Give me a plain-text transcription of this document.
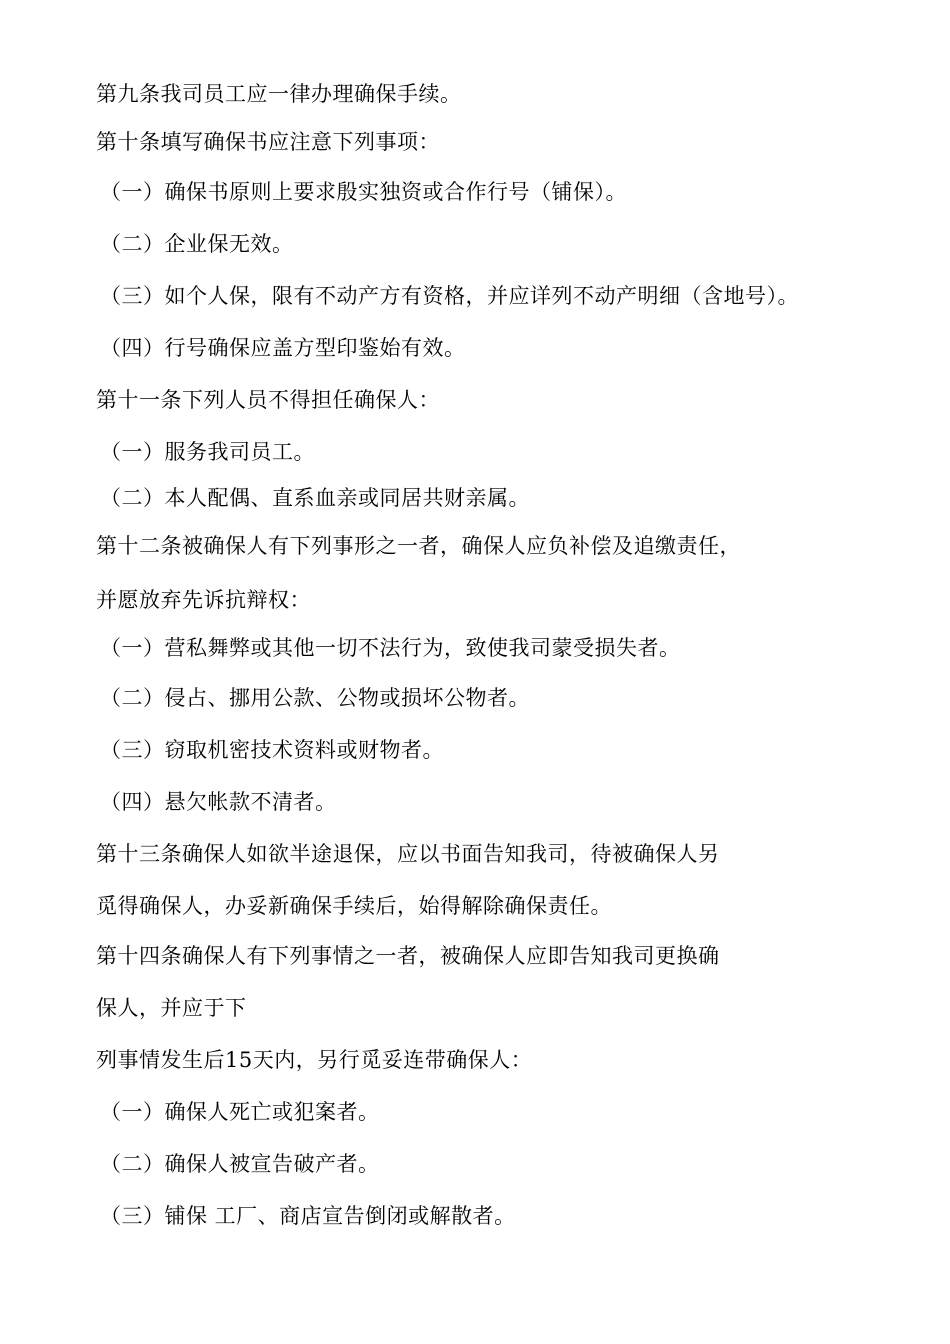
第九条我司员工应一律办理确保手续。
第十条填写确保书应注意下列事项：
（一）确保书原则上要求殷实独资或合作行号（铺保）。
（二）企业保无效。
（三）如个人保，限有不动产方有资格，并应详列不动产明细（含地号）。
（四）行号确保应盖方型印鉴始有效。
第十一条下列人员不得担任确保人：
（一）服务我司员工。
（二）本人配偶、直系血亲或同居共财亲属。
第十二条被确保人有下列事形之一者，确保人应负补偿及追缴责任，
并愿放弃先诉抗辩权：
（一）营私舞弊或其他一切不法行为，致使我司蒙受损失者。
（二）侵占、挪用公款、公物或损坏公物者。
（三）窃取机密技术资料或财物者。
（四）悬欠帐款不清者。
第十三条确保人如欲半途退保，应以书面告知我司，待被确保人另
觅得确保人，办妥新确保手续后，始得解除确保责任。
第十四条确保人有下列事情之一者，被确保人应即告知我司更换确
保人，并应于下
列事情发生后15天内，另行觅妥连带确保人：
（一）确保人死亡或犯案者。
（二）确保人被宣告破产者。
（三）铺保 工厂、商店宣告倒闭或解散者。
